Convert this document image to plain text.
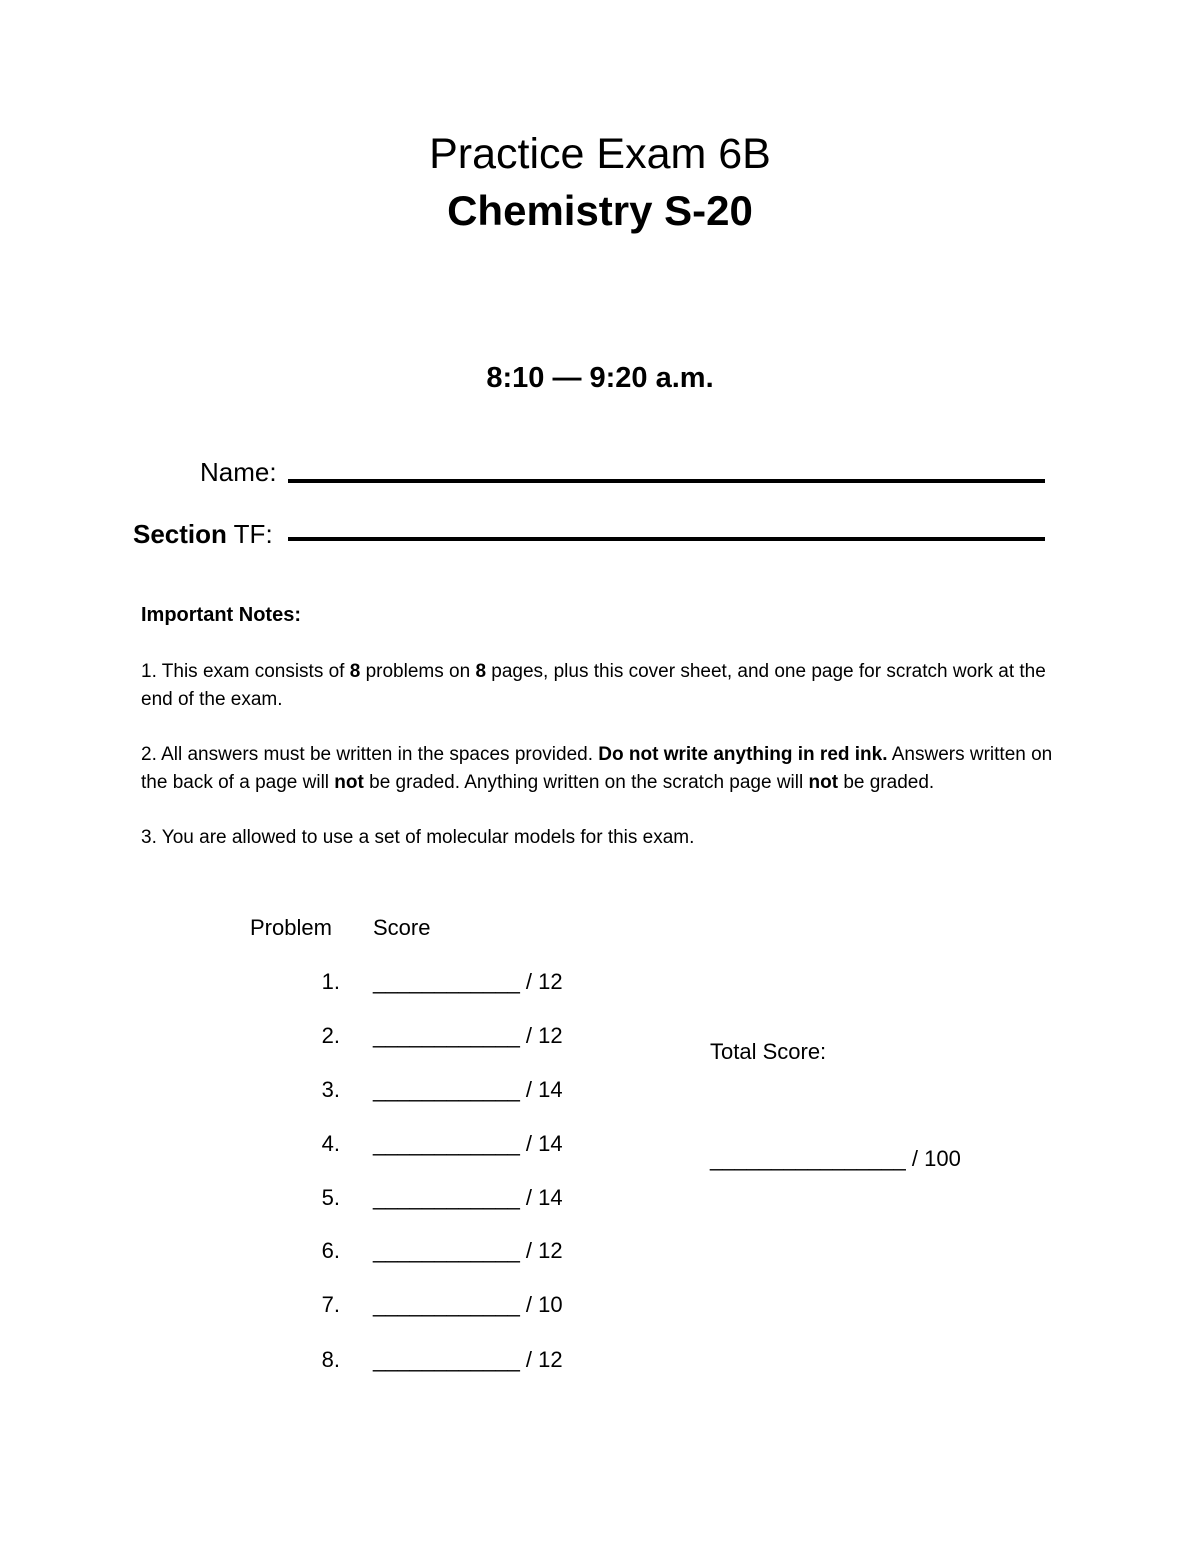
Practice Exam 6B
Chemistry S-20
8:10 — 9:20 a.m.
Name:
Section TF:
Important Notes:

1. This exam consists of 8 problems on 8 pages, plus this cover sheet, and one page for scratch work at the end of the exam.

2. All answers must be written in the spaces provided. Do not write anything in red ink. Answers written on the back of a page will not be graded. Anything written on the scratch page will not be graded.

3. You are allowed to use a set of molecular models for this exam.

Problem Score
1. ____________ / 12
2. ____________ / 12
3. ____________ / 14
4. ____________ / 14
5. ____________ / 14
6. ____________ / 12
7. ____________ / 10
8. ____________ / 12
Total Score:
________________ / 100
